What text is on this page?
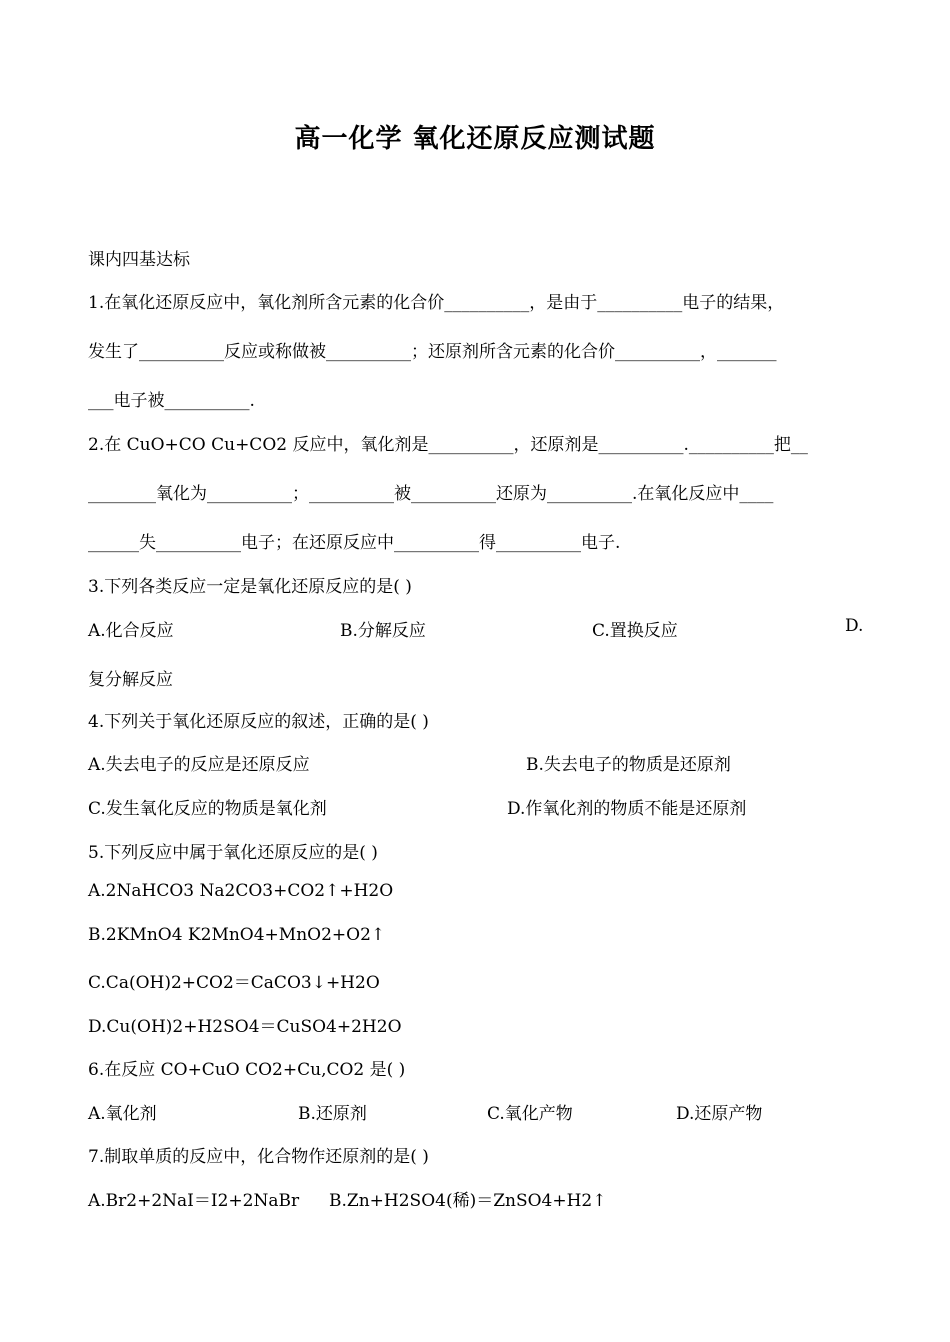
高一化学 氧化还原反应测试题
课内四基达标
1.在氧化还原反应中，氧化剂所含元素的化合价__________，是由于__________电子的结果，
发生了__________反应或称做被__________；还原剂所含元素的化合价__________，_______
___电子被__________.
2.在 CuO+CO Cu+CO2 反应中，氧化剂是__________，还原剂是__________.__________把__
________氧化为__________；__________被__________还原为__________.在氧化反应中____
______失__________电子；在还原反应中__________得__________电子.
3.下列各类反应一定是氧化还原反应的是( )
A.化合反应	B.分解反应	C.置换反应	D.
复分解反应
4.下列关于氧化还原反应的叙述，正确的是( )
A.失去电子的反应是还原反应	B.失去电子的物质是还原剂
C.发生氧化反应的物质是氧化剂	D.作氧化剂的物质不能是还原剂
5.下列反应中属于氧化还原反应的是( )
A.2NaHCO3 Na2CO3+CO2↑+H2O
B.2KMnO4 K2MnO4+MnO2+O2↑
C.Ca(OH)2+CO2＝CaCO3↓+H2O
D.Cu(OH)2+H2SO4＝CuSO4+2H2O
6.在反应 CO+CuO CO2+Cu,CO2 是( )
A.氧化剂	B.还原剂	C.氧化产物	D.还原产物
7.制取单质的反应中，化合物作还原剂的是( )
A.Br2+2NaI＝I2+2NaBr B.Zn+H2SO4(稀)＝ZnSO4+H2↑
